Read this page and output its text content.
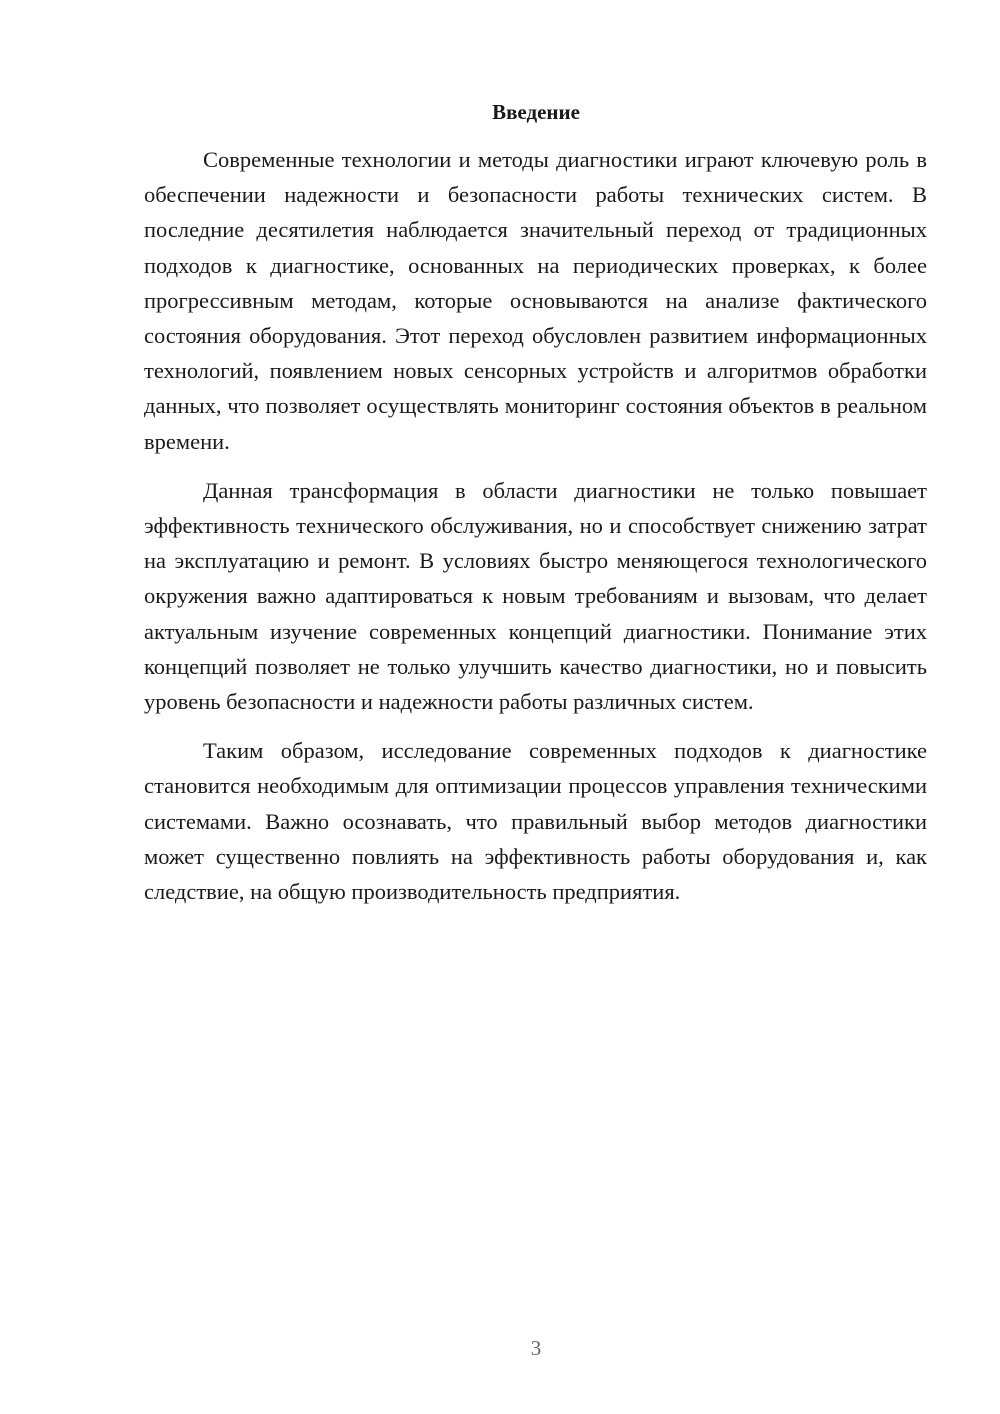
Введение

Современные технологии и методы диагностики играют ключевую роль в обеспечении надежности и безопасности работы технических систем. В последние десятилетия наблюдается значительный переход от традиционных подходов к диагностике, основанных на периодических проверках, к более прогрессивным методам, которые основываются на анализе фактического состояния оборудования. Этот переход обусловлен развитием информационных технологий, появлением новых сенсорных устройств и алгоритмов обработки данных, что позволяет осуществлять мониторинг состояния объектов в реальном времени.

Данная трансформация в области диагностики не только повышает эффективность технического обслуживания, но и способствует снижению затрат на эксплуатацию и ремонт. В условиях быстро меняющегося технологического окружения важно адаптироваться к новым требованиям и вызовам, что делает актуальным изучение современных концепций диагностики. Понимание этих концепций позволяет не только улучшить качество диагностики, но и повысить уровень безопасности и надежности работы различных систем.

Таким образом, исследование современных подходов к диагностике становится необходимым для оптимизации процессов управления техническими системами. Важно осознавать, что правильный выбор методов диагностики может существенно повлиять на эффективность работы оборудования и, как следствие, на общую производительность предприятия.

3
